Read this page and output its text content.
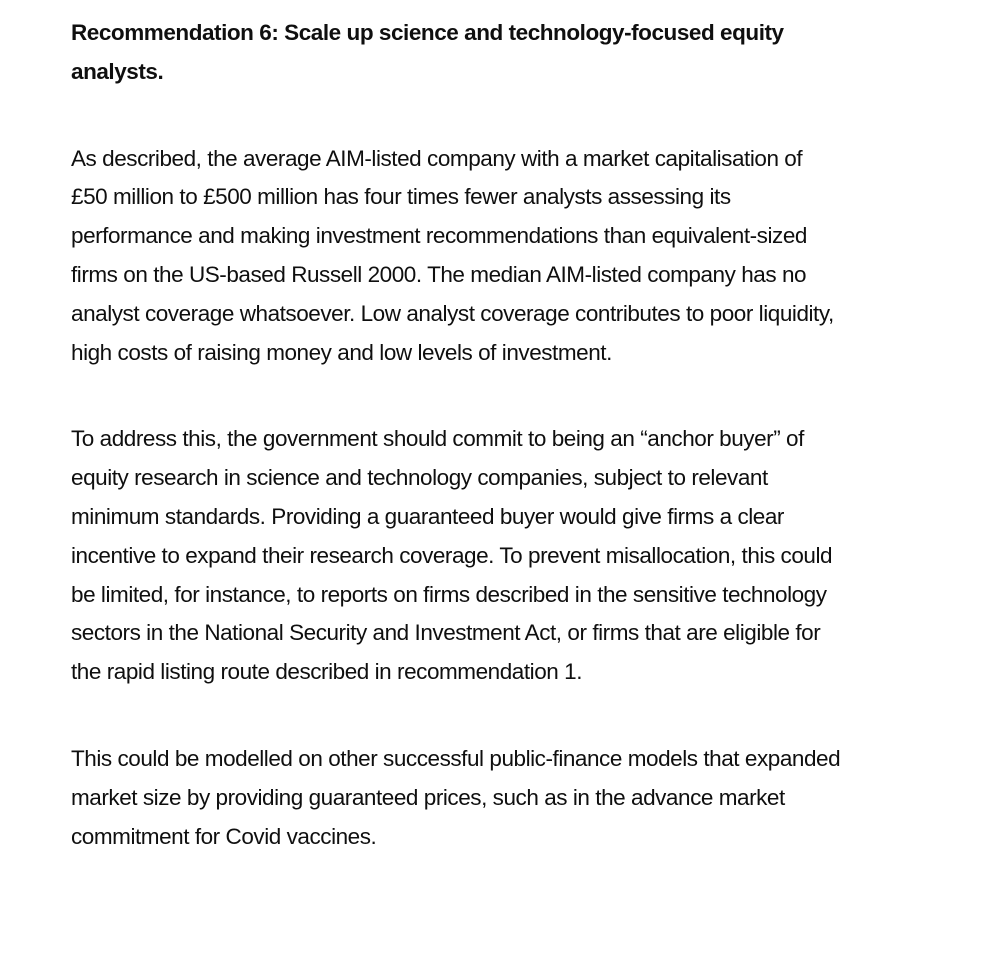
Recommendation 6: Scale up science and technology-focused equity analysts.

As described, the average AIM-listed company with a market capitalisation of £50 million to £500 million has four times fewer analysts assessing its performance and making investment recommendations than equivalent-sized firms on the US-based Russell 2000. The median AIM-listed company has no analyst coverage whatsoever. Low analyst coverage contributes to poor liquidity, high costs of raising money and low levels of investment.

To address this, the government should commit to being an “anchor buyer” of equity research in science and technology companies, subject to relevant minimum standards. Providing a guaranteed buyer would give firms a clear incentive to expand their research coverage. To prevent misallocation, this could be limited, for instance, to reports on firms described in the sensitive technology sectors in the National Security and Investment Act, or firms that are eligible for the rapid listing route described in recommendation 1.

This could be modelled on other successful public-finance models that expanded market size by providing guaranteed prices, such as in the advance market commitment for Covid vaccines.
